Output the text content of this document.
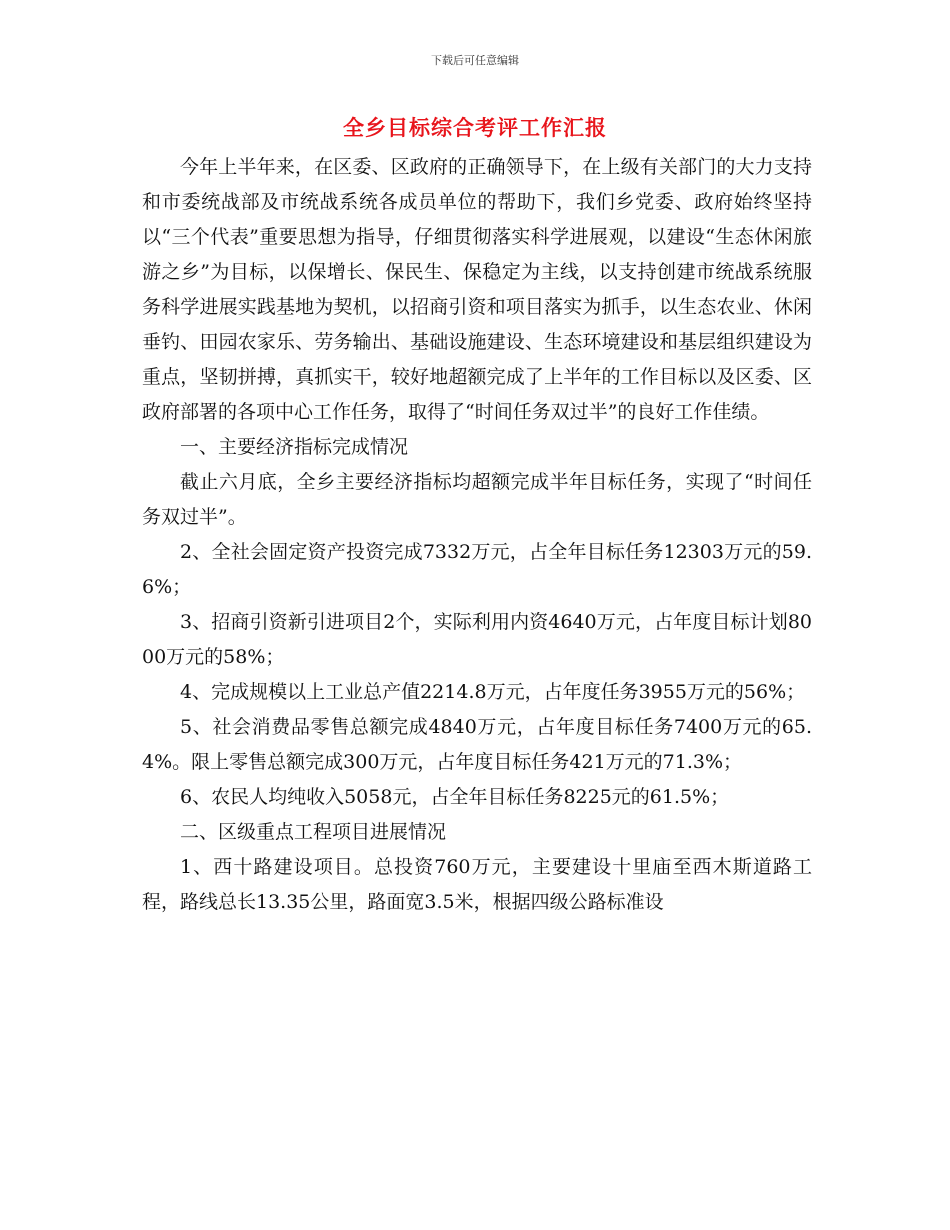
下载后可任意编辑
全乡目标综合考评工作汇报

今年上半年来，在区委、区政府的正确领导下，在上级有关部门的大力支持和市委统战部及市统战系统各成员单位的帮助下，我们乡党委、政府始终坚持以“三个代表”重要思想为指导，仔细贯彻落实科学进展观，以建设“生态休闲旅游之乡”为目标，以保增长、保民生、保稳定为主线，以支持创建市统战系统服务科学进展实践基地为契机，以招商引资和项目落实为抓手，以生态农业、休闲垂钓、田园农家乐、劳务输出、基础设施建设、生态环境建设和基层组织建设为重点，坚韧拼搏，真抓实干，较好地超额完成了上半年的工作目标以及区委、区政府部署的各项中心工作任务，取得了“时间任务双过半”的良好工作佳绩。

一、主要经济指标完成情况

截止六月底，全乡主要经济指标均超额完成半年目标任务，实现了“时间任务双过半”。

2、全社会固定资产投资完成7332万元，占全年目标任务12303万元的59.6%；

3、招商引资新引进项目2个，实际利用内资4640万元，占年度目标计划8000万元的58%；

4、完成规模以上工业总产值2214.8万元，占年度任务3955万元的56%；

5、社会消费品零售总额完成4840万元，占年度目标任务7400万元的65.4%。限上零售总额完成300万元，占年度目标任务421万元的71.3%；

6、农民人均纯收入5058元，占全年目标任务8225元的61.5%；

二、区级重点工程项目进展情况

1、西十路建设项目。总投资760万元，主要建设十里庙至西木斯道路工程，路线总长13.35公里，路面宽3.5米，根据四级公路标准设
